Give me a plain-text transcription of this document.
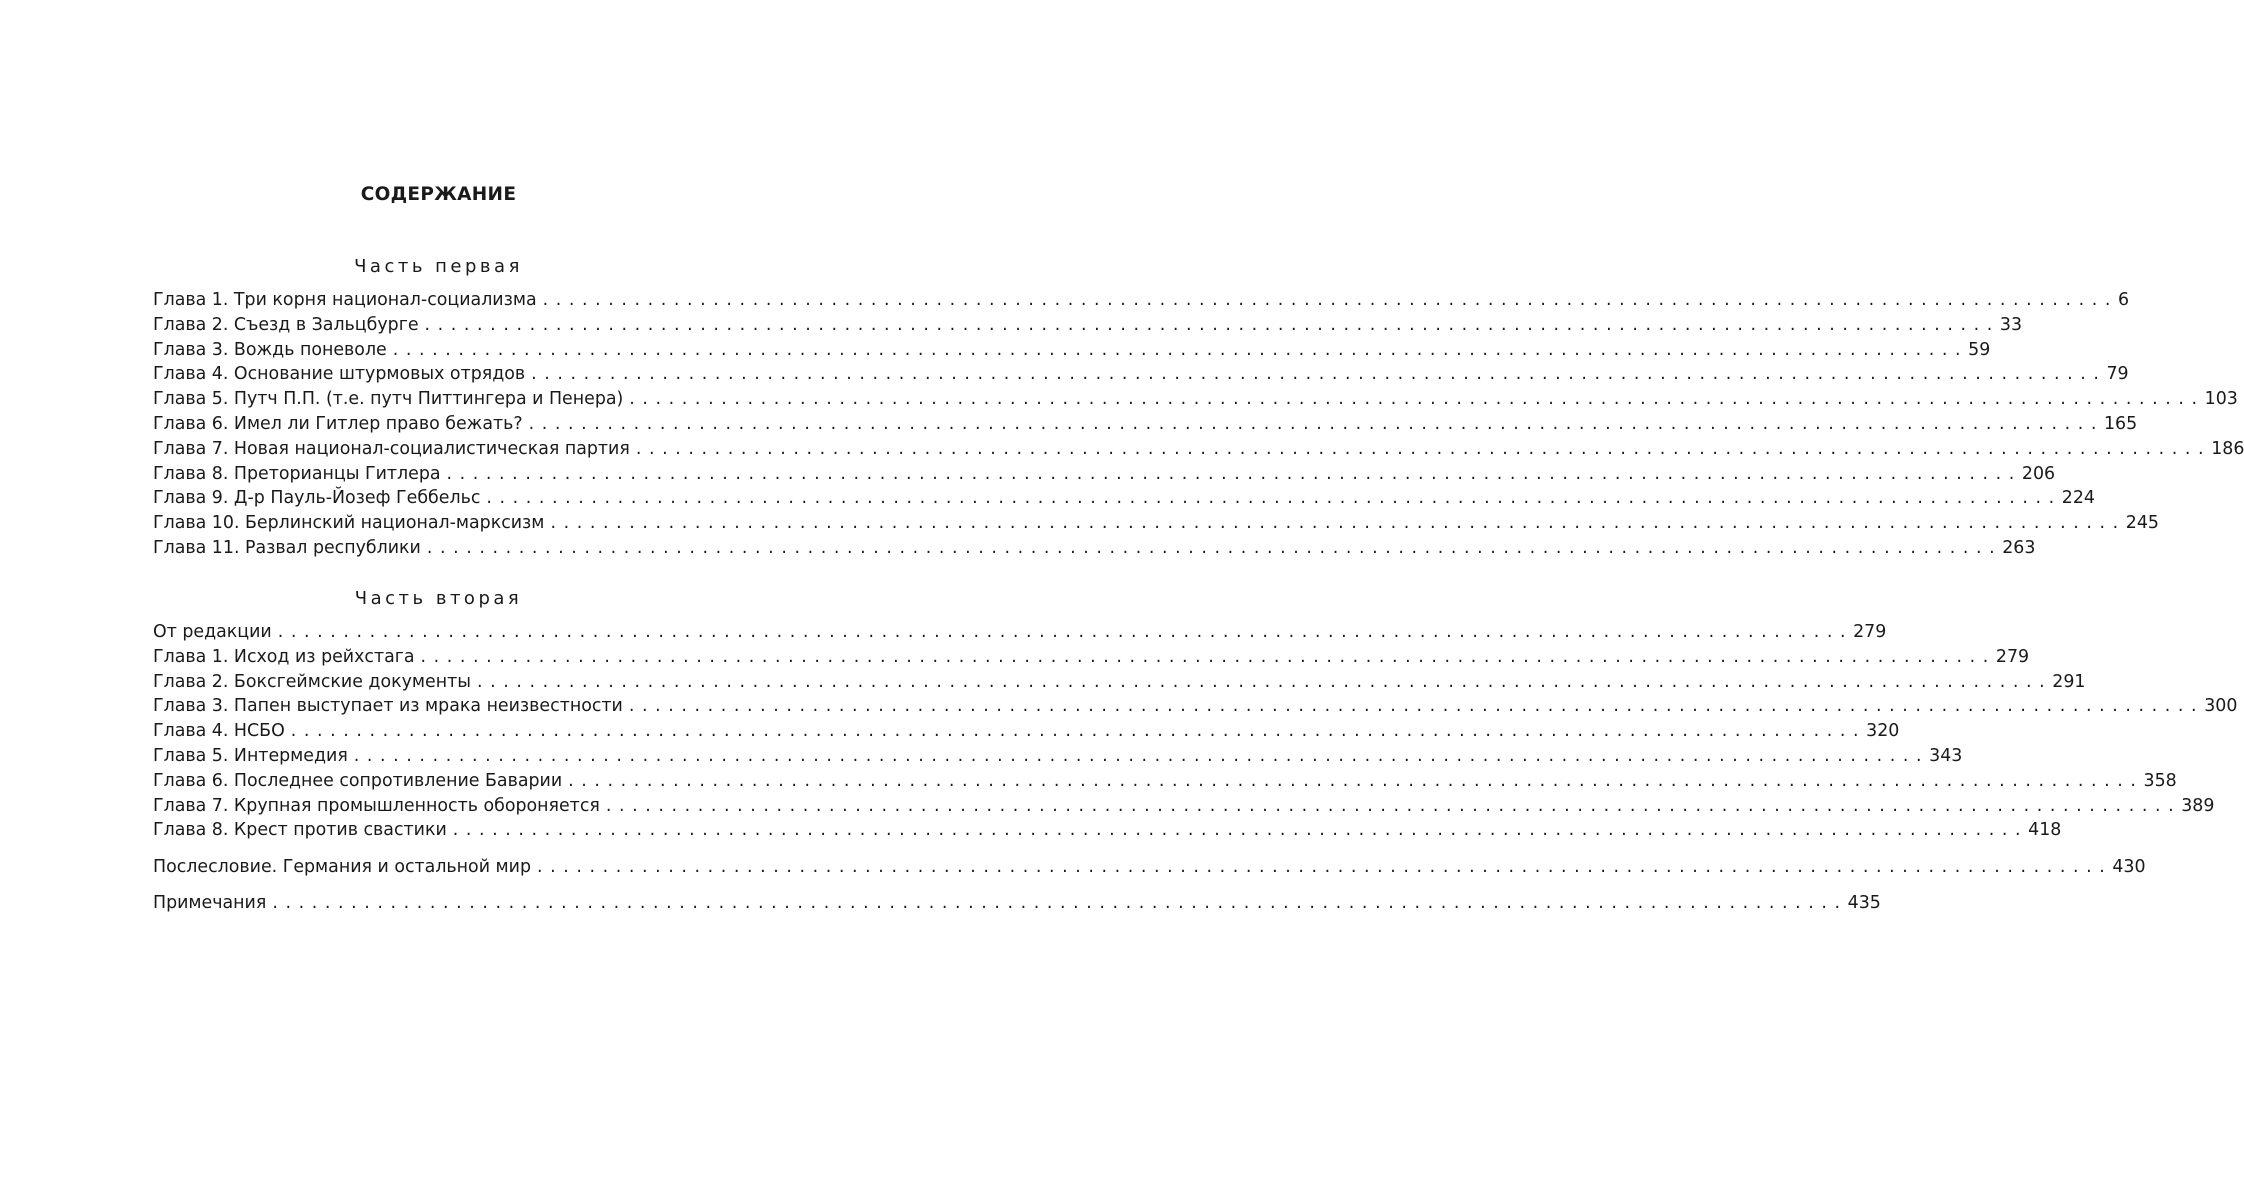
СОДЕРЖАНИЕ
Часть первая
Глава 1. Три корня национал-социализма ........................................................................................................................ 6
Глава 2. Съезд в Зальцбурге ........................................................................................................................ 33
Глава 3. Вождь поневоле ........................................................................................................................ 59
Глава 4. Основание штурмовых отрядов ........................................................................................................................ 79
Глава 5. Путч П.П. (т.е. путч Питтингера и Пенера) ........................................................................................................................ 103
Глава 6. Имел ли Гитлер право бежать? ........................................................................................................................ 165
Глава 7. Новая национал-социалистическая партия ........................................................................................................................ 186
Глава 8. Преторианцы Гитлера ........................................................................................................................ 206
Глава 9. Д-р Пауль-Йозеф Геббельс ........................................................................................................................ 224
Глава 10. Берлинский национал-марксизм ........................................................................................................................ 245
Глава 11. Развал республики ........................................................................................................................ 263
Часть вторая
От редакции ........................................................................................................................ 279
Глава 1. Исход из рейхстага ........................................................................................................................ 279
Глава 2. Боксгеймские документы ........................................................................................................................ 291
Глава 3. Папен выступает из мрака неизвестности ........................................................................................................................ 300
Глава 4. НСБО ........................................................................................................................ 320
Глава 5. Интермедия ........................................................................................................................ 343
Глава 6. Последнее сопротивление Баварии ........................................................................................................................ 358
Глава 7. Крупная промышленность обороняется ........................................................................................................................ 389
Глава 8. Крест против свастики ........................................................................................................................ 418
Послесловие. Германия и остальной мир ........................................................................................................................ 430
Примечания ........................................................................................................................ 435
